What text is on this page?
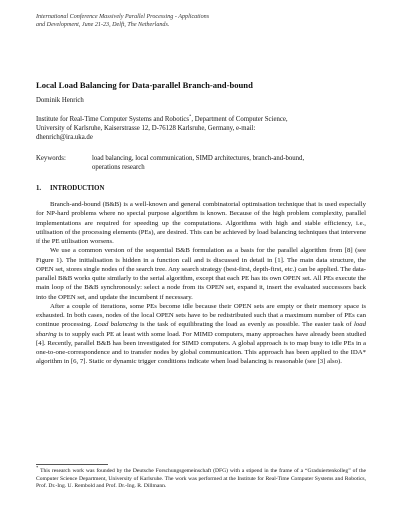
International Conference Massively Parallel Processing - Applications
and Development, June 21-23, Delft, The Netherlands.
Local Load Balancing for Data-parallel Branch-and-bound
Dominik Henrich
Institute for Real-Time Computer Systems and Robotics*, Department of Computer Science,
University of Karlsruhe, Kaiserstrasse 12, D-76128 Karlsruhe, Germany, e-mail:
dhenrich@ira.uka.de
Keywords:	load balancing, local communication, SIMD architectures, branch-and-bound,
operations research
1. INTRODUCTION

Branch-and-bound (B&B) is a well-known and general combinatorial optimisation technique that is used especially for NP-hard problems where no special purpose algorithm is known. Because of the high problem complexity, parallel implementations are required for speeding up the computations. Algorithms with high and stable efficiency, i.e., utilisation of the processing elements (PEs), are desired. This can be achieved by load balancing techniques that intervene if the PE utilisation worsens.

We use a common version of the sequential B&B formulation as a basis for the parallel algorithm from [8] (see Figure 1). The initialisation is hidden in a function call and is discussed in detail in [1]. The main data structure, the OPEN set, stores single nodes of the search tree. Any search strategy (best-first, depth-first, etc.) can be applied. The data-parallel B&B works quite similarly to the serial algorithm, except that each PE has its own OPEN set. All PEs execute the main loop of the B&B synchronously: select a node from its OPEN set, expand it, insert the evaluated successors back into the OPEN set, and update the incumbent if necessary.

After a couple of iterations, some PEs become idle because their OPEN sets are empty or their memory space is exhausted. In both cases, nodes of the local OPEN sets have to be redistributed such that a maximum number of PEs can continue processing. Load balancing is the task of equilibrating the load as evenly as possible. The easier task of load sharing is to supply each PE at least with some load. For MIMD computers, many approaches have already been studied [4]. Recently, parallel B&B has been investigated for SIMD computers. A global approach is to map busy to idle PEs in a one-to-one-correspondence and to transfer nodes by global communication. This approach has been applied to the IDA* algorithm in [6, 7]. Static or dynamic trigger conditions indicate when load balancing is reasonable (see [3] also).

* This research work was founded by the Deutsche Forschungsgemeinschaft (DFG) with a stipend in the frame of a “Graduiertenkolleg” of the Computer Science Department, University of Karlsruhe. The work was performed at the Institute for Real-Time Computer Systems and Robotics, Prof. Dr.-Ing. U. Rembold and Prof. Dr.-Ing. R. Dillmann.
